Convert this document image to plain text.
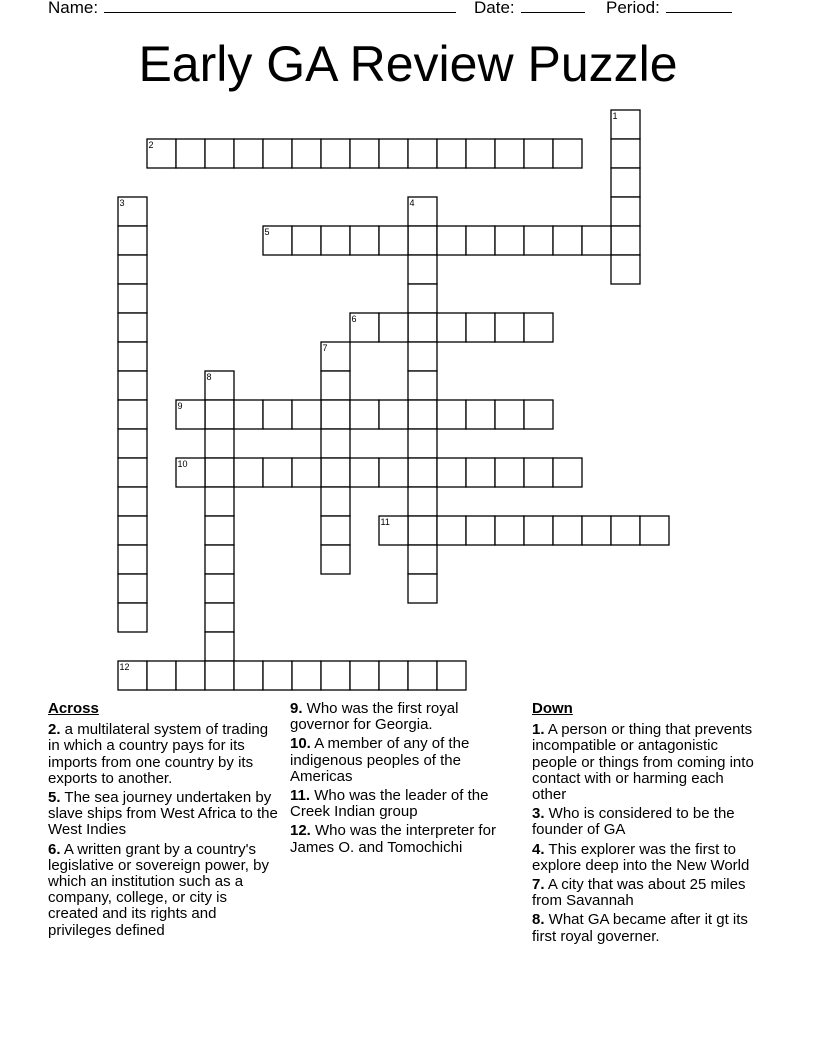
Name:	Date:	Period:
Early GA Review Puzzle
1
2
3	4
5
6
7
8
9
10
11
12
Across
2. a multilateral system of trading in which a country pays for its imports from one country by its exports to another.
5. The sea journey undertaken by slave ships from West Africa to the West Indies
6. A written grant by a country's legislative or sovereign power, by which an institution such as a company, college, or city is created and its rights and privileges defined
9. Who was the first royal governor for Georgia.
10. A member of any of the indigenous peoples of the Americas
11. Who was the leader of the Creek Indian group
12. Who was the interpreter for James O. and Tomochichi
Down
1. A person or thing that prevents incompatible or antagonistic people or things from coming into contact with or harming each other
3. Who is considered to be the founder of GA
4. This explorer was the first to explore deep into the New World
7. A city that was about 25 miles from Savannah
8. What GA became after it gt its first royal governer.
